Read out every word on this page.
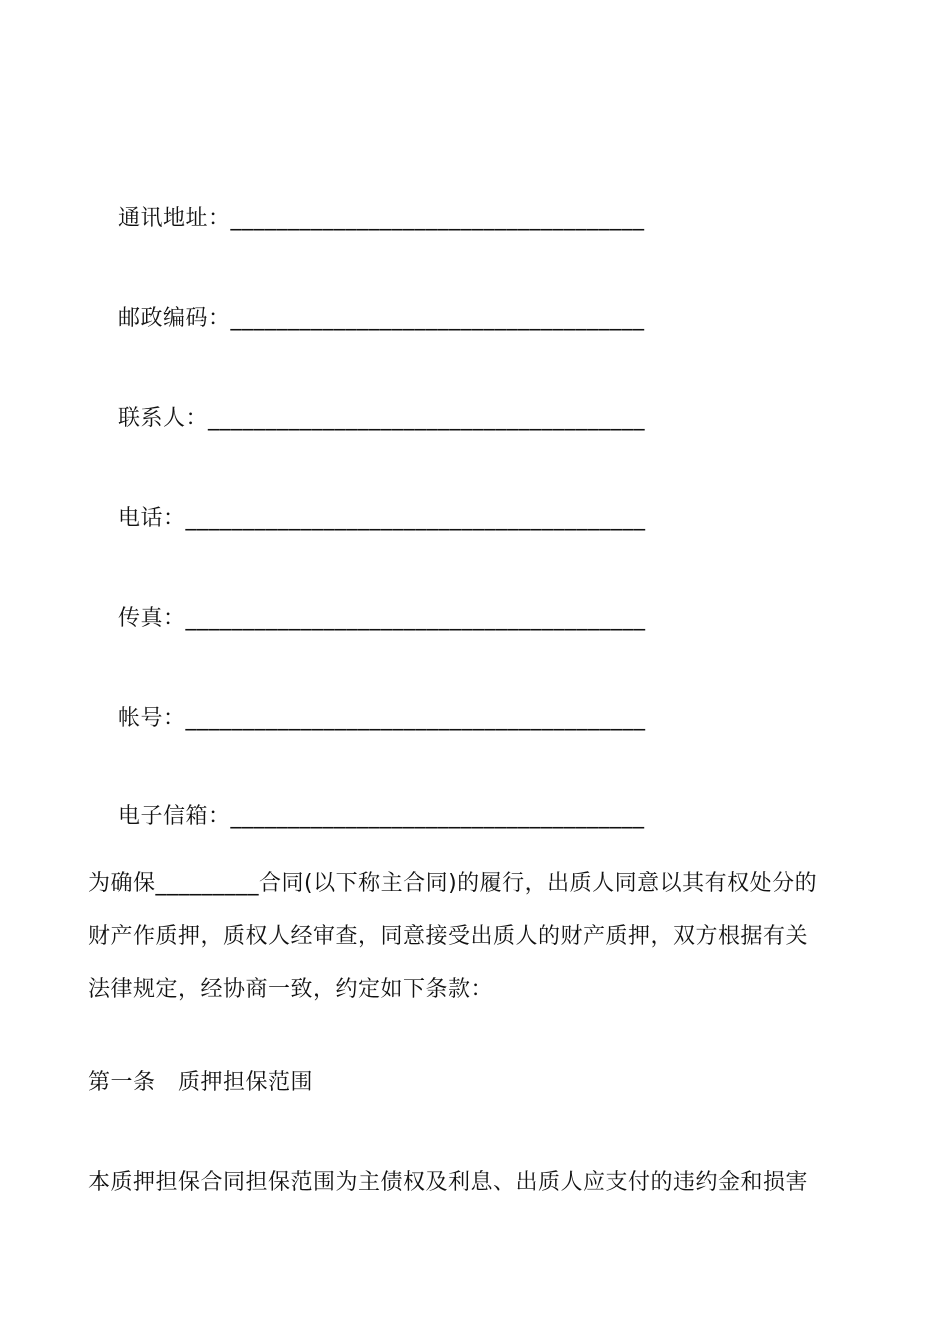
通讯地址：____________________________________

邮政编码：____________________________________

联系人：______________________________________

电话：________________________________________

传真：________________________________________

帐号：________________________________________

电子信箱：____________________________________

为确保_________合同(以下称主合同)的履行，出质人同意以其有权处分的
财产作质押，质权人经审查，同意接受出质人的财产质押，双方根据有关
法律规定，经协商一致，约定如下条款：
第一条　质押担保范围
本质押担保合同担保范围为主债权及利息、出质人应支付的违约金和损害
